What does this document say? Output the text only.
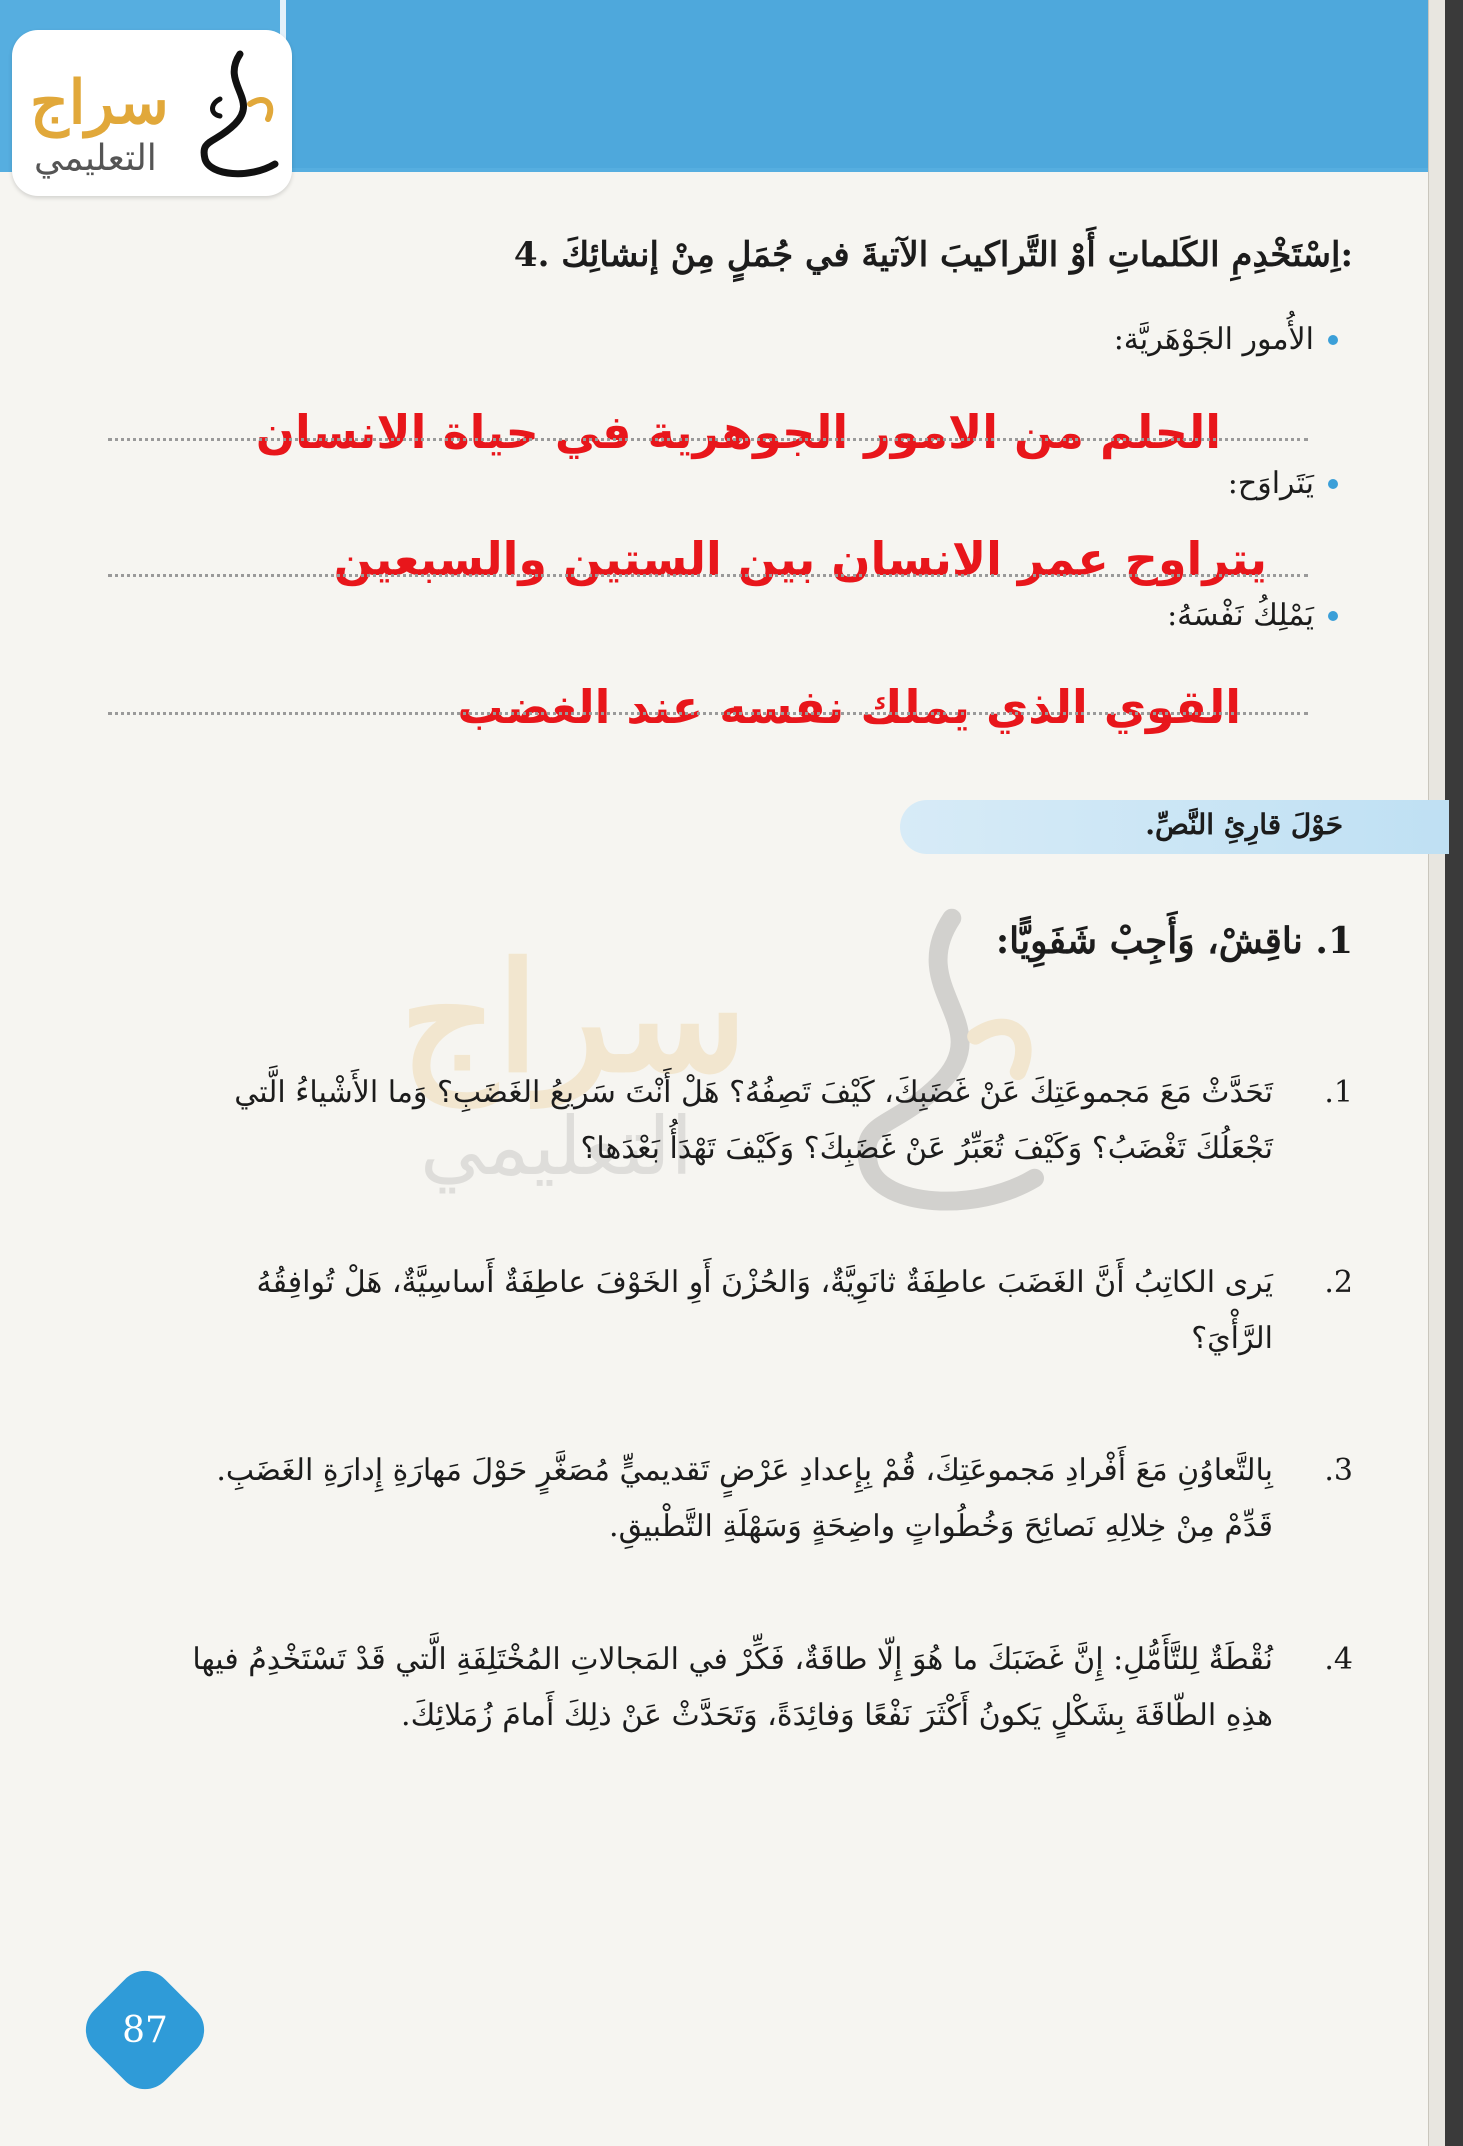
سراج
التعليمي
سراج
التعليمي
4. اِسْتَخْدِمِ الكَلماتِ أَوْ التَّراكيبَ الآتيةَ في جُمَلٍ مِنْ إنشائِكَ:
الأُمور الجَوْهَريَّة:
الحلم من الامور الجوهرية في حياة الانسان
يَتَراوَح:
يتراوح عمر الانسان بين الستين والسبعين
يَمْلِكُ نَفْسَهُ:
القوي الذي يملك نفسه عند الغضب
حَوْلَ قارِئِ النَّصِّ.
1. ناقِشْ، وَأَجِبْ شَفَوِيًّا:
1.
تَحَدَّثْ مَعَ مَجموعَتِكَ عَنْ غَضَبِكَ، كَيْفَ تَصِفُهُ؟ هَلْ أَنْتَ سَريعُ الغَضَبِ؟ وَما الأَشْياءُ الَّتي تَجْعَلُكَ تَغْضَبُ؟ وَكَيْفَ تُعَبِّرُ عَنْ غَضَبِكَ؟ وَكَيْفَ تَهْدَأُ بَعْدَها؟
2.
يَرى الكاتِبُ أَنَّ الغَضَبَ عاطِفَةٌ ثانَوِيَّةٌ، وَالحُزْنَ أَوِ الخَوْفَ عاطِفَةٌ أَساسِيَّةٌ، هَلْ تُوافِقُهُ الرَّأْيَ؟
3.
بِالتَّعاوُنِ مَعَ أَفْرادِ مَجموعَتِكَ، قُمْ بِإِعدادِ عَرْضٍ تَقديميٍّ مُصَغَّرٍ حَوْلَ مَهارَةِ إِدارَةِ الغَضَبِ. قَدِّمْ مِنْ خِلالِهِ نَصائِحَ وَخُطُواتٍ واضِحَةٍ وَسَهْلَةِ التَّطْبيقِ.
4.
نُقْطَةٌ لِلتَّأَمُّلِ: إِنَّ غَضَبَكَ ما هُوَ إِلّا طاقَةٌ، فَكِّرْ في المَجالاتِ المُخْتَلِفَةِ الَّتي قَدْ تَسْتَخْدِمُ فيها هذِهِ الطّاقَةَ بِشَكْلٍ يَكونُ أَكْثَرَ نَفْعًا وَفائِدَةً، وَتَحَدَّثْ عَنْ ذلِكَ أَمامَ زُمَلائِكَ.
87
